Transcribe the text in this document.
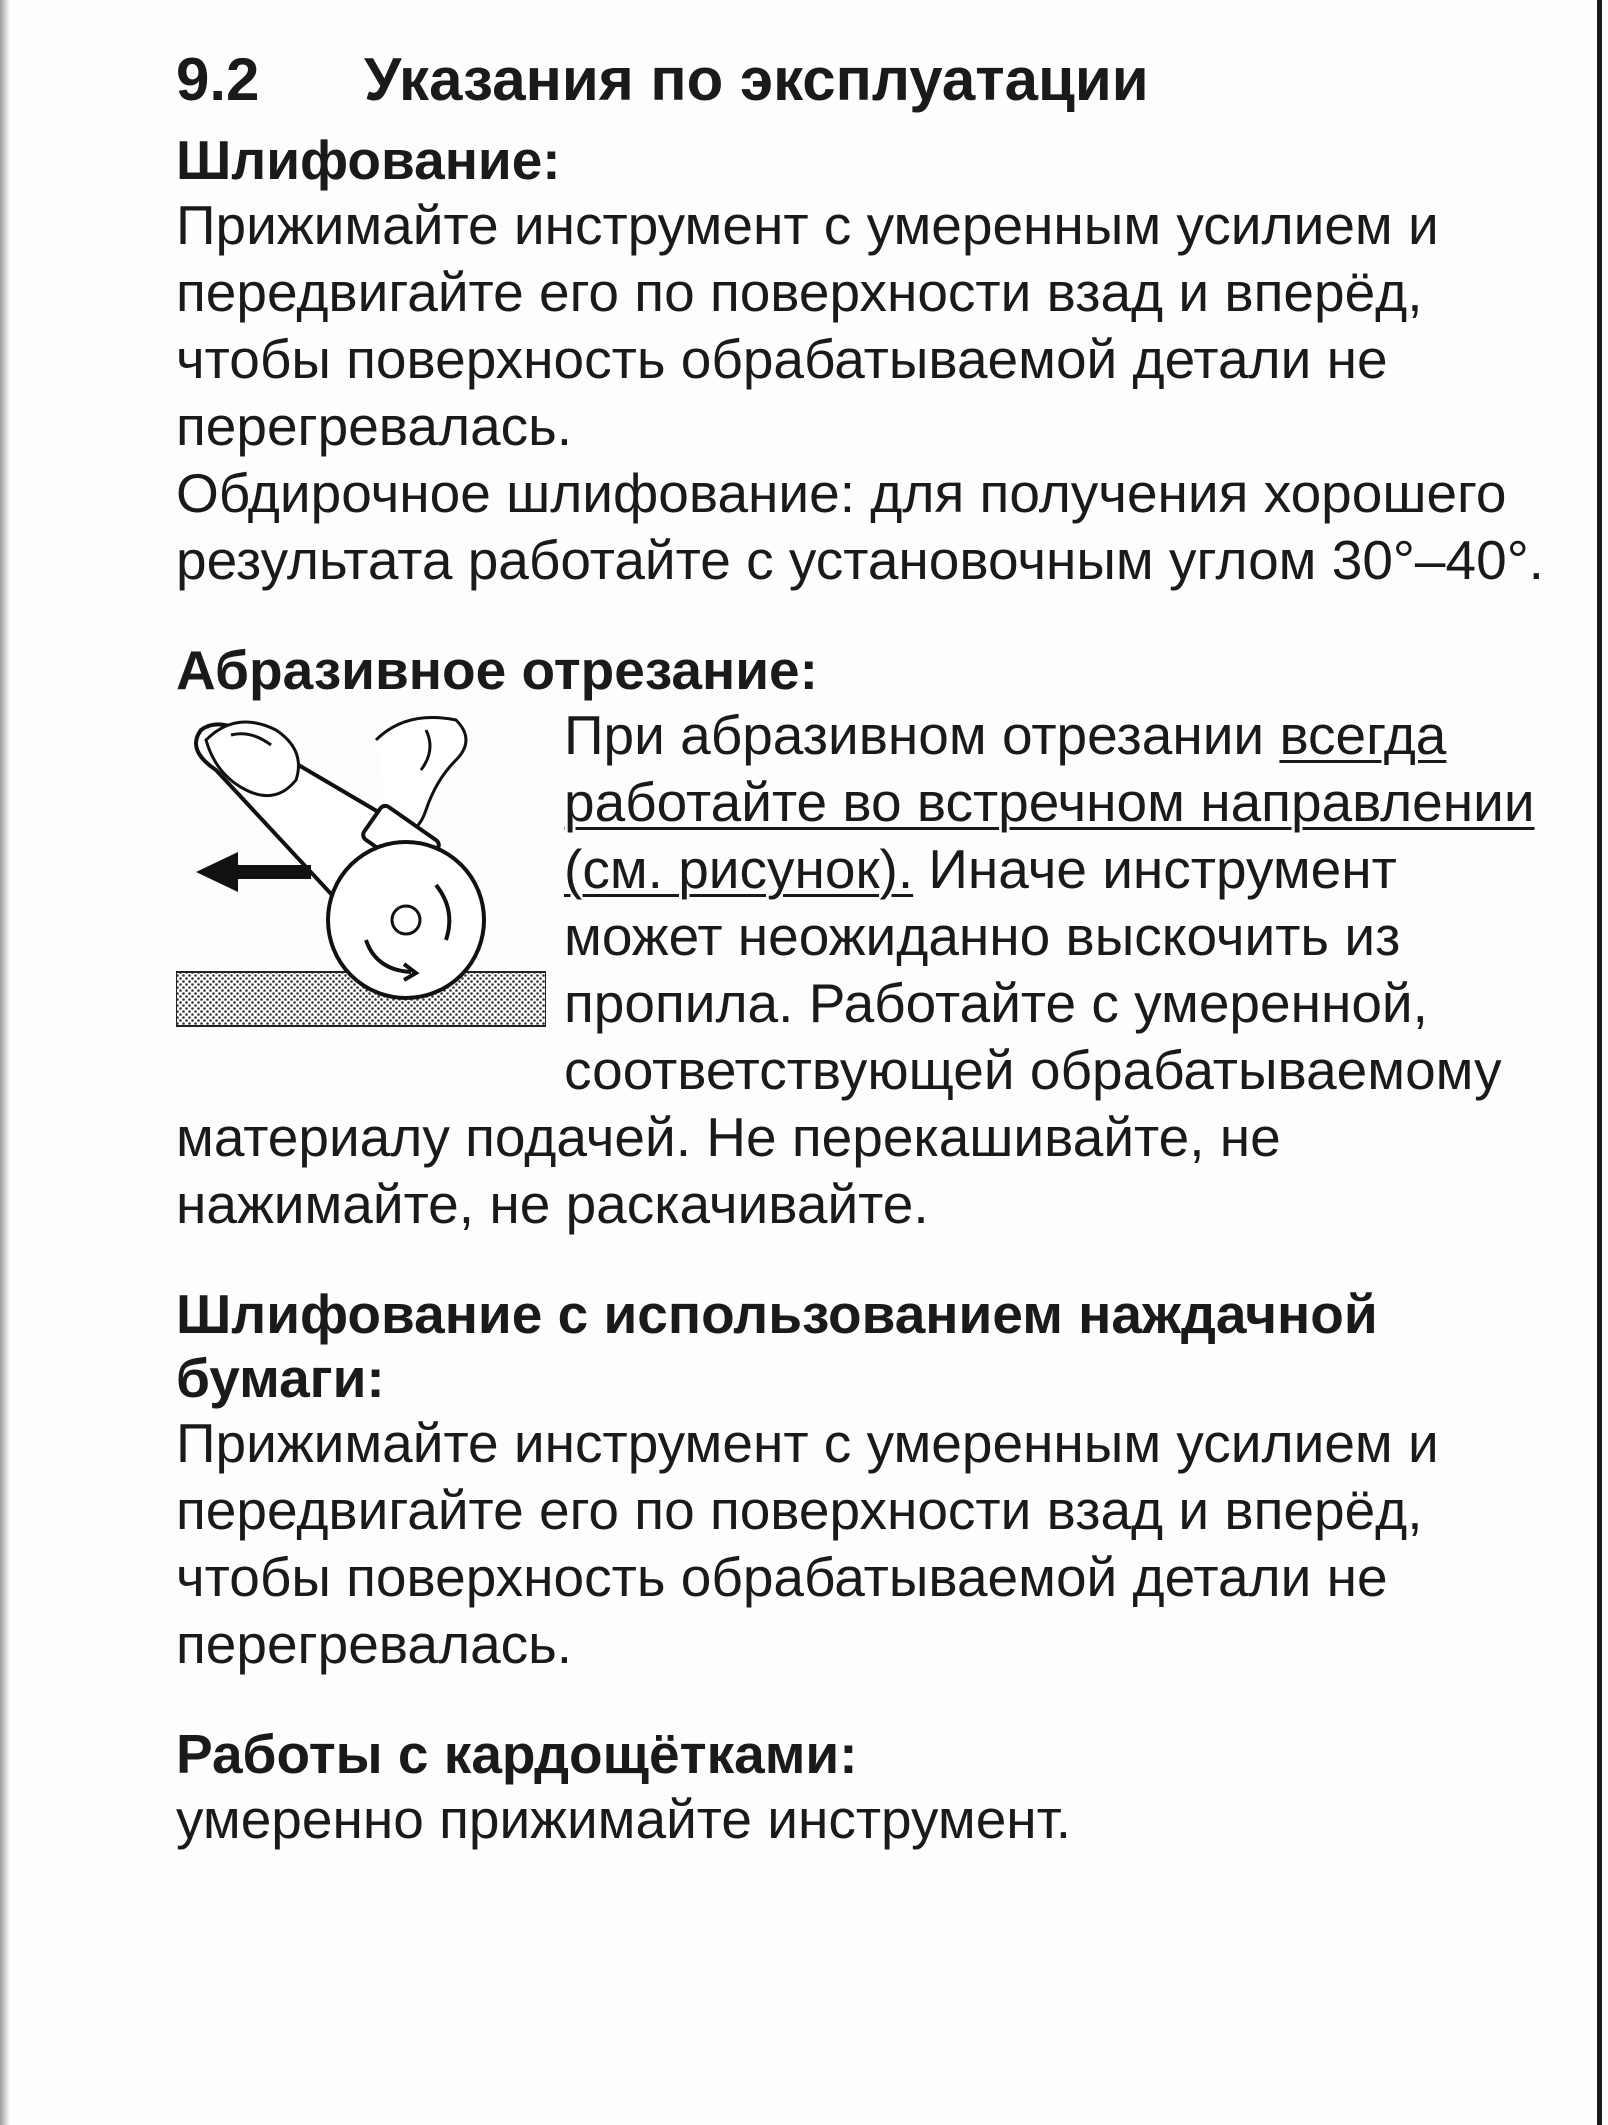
9.2 Указания по эксплуатации

Шлифование:

Прижимайте инструмент с умеренным усилием и передвигайте его по поверхности взад и вперёд, чтобы поверхность обрабатываемой детали не перегревалась.

Обдирочное шлифование: для получения хорошего результата работайте с установочным углом 30°–40°.

Абразивное отрезание:

При абразивном отрезании всегда работайте во встречном направлении (см. рисунок). Иначе инструмент может неожиданно выскочить из пропила. Работайте с умеренной, соответствующей обрабатываемому материалу подачей. Не перекашивайте, не нажимайте, не раскачивайте.

Шлифование с использованием наждачной бумаги:

Прижимайте инструмент с умеренным усилием и передвигайте его по поверхности взад и вперёд, чтобы поверхность обрабатываемой детали не перегревалась.

Работы с кардощётками:

умеренно прижимайте инструмент.
